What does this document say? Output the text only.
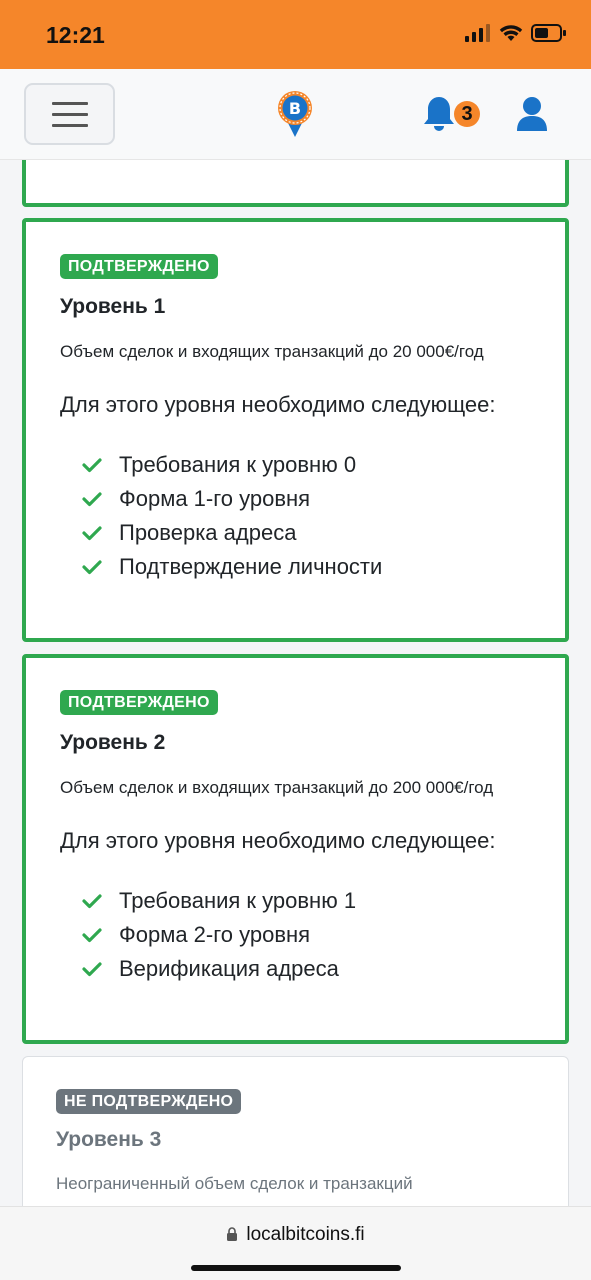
12:21
B	3
ПОДТВЕРЖДЕНО
Уровень 1
Объем сделок и входящих транзакций до 20 000€/год
Для этого уровня необходимо следующее:
Требования к уровню 0
Форма 1-го уровня
Проверка адреса
Подтверждение личности
ПОДТВЕРЖДЕНО
Уровень 2
Объем сделок и входящих транзакций до 200 000€/год
Для этого уровня необходимо следующее:
Требования к уровню 1
Форма 2-го уровня
Верификация адреса
НЕ ПОДТВЕРЖДЕНО
Уровень 3
Неограниченный объем сделок и транзакций
localbitcoins.fi
